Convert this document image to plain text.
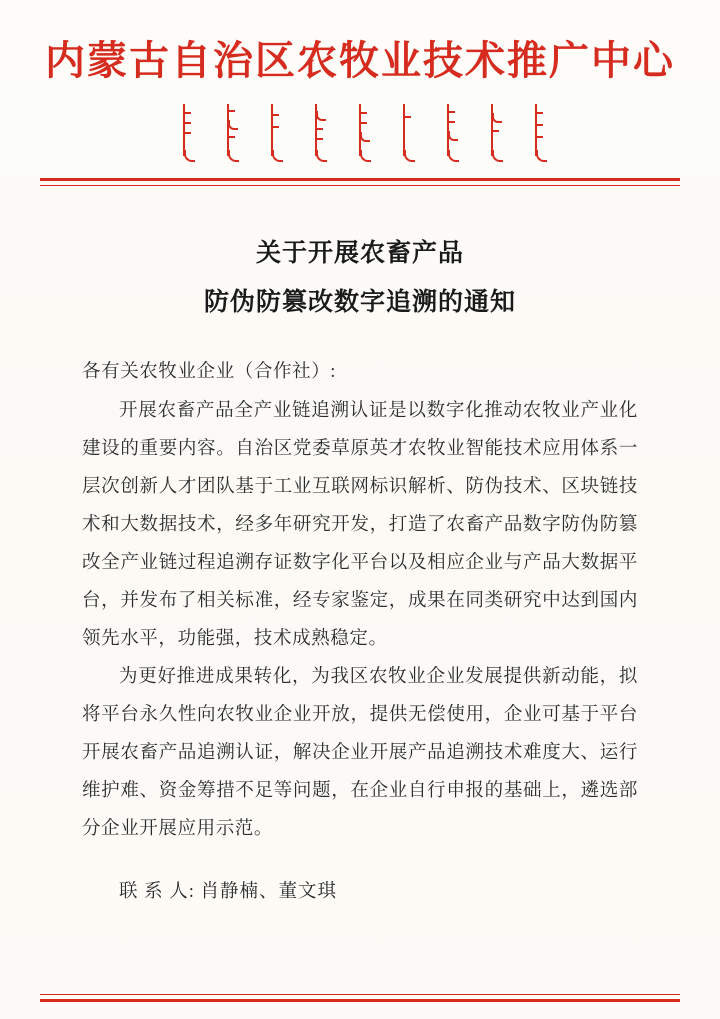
内蒙古自治区农牧业技术推广中心
关于开展农畜产品
防伪防篡改数字追溯的通知
各有关农牧业企业（合作社）:

开展农畜产品全产业链追溯认证是以数字化推动农牧业产业化建设的重要内容。自治区党委草原英才农牧业智能技术应用体系一层次创新人才团队基于工业互联网标识解析、防伪技术、区块链技术和大数据技术，经多年研究开发，打造了农畜产品数字防伪防篡改全产业链过程追溯存证数字化平台以及相应企业与产品大数据平台，并发布了相关标准，经专家鉴定，成果在同类研究中达到国内领先水平，功能强，技术成熟稳定。

为更好推进成果转化，为我区农牧业企业发展提供新动能，拟将平台永久性向农牧业企业开放，提供无偿使用，企业可基于平台开展农畜产品追溯认证，解决企业开展产品追溯技术难度大、运行维护难、资金筹措不足等问题，在企业自行申报的基础上，遴选部分企业开展应用示范。

联 系 人: 肖静楠、董文琪
